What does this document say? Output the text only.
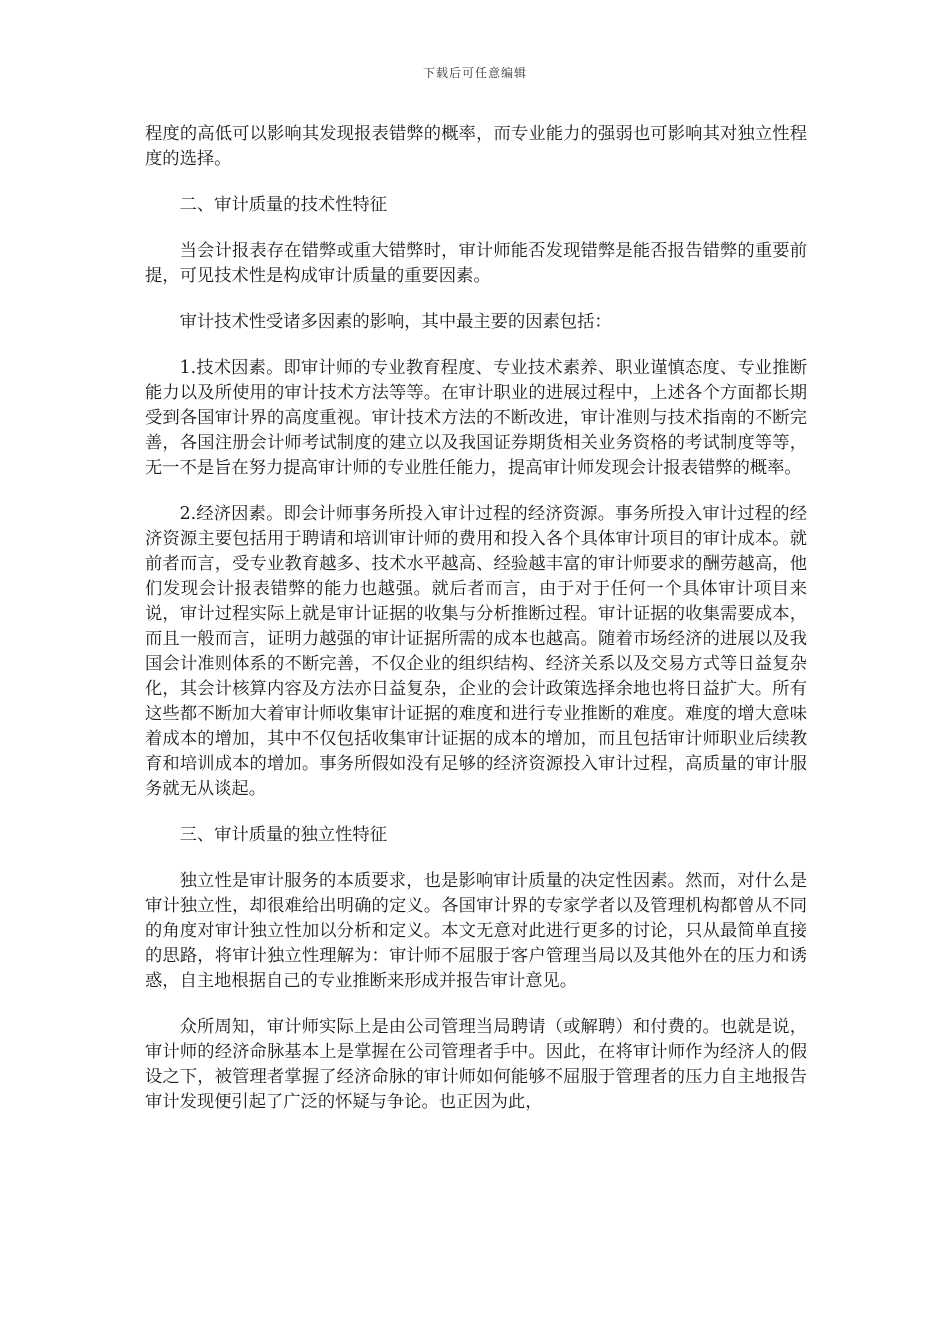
下载后可任意编辑

程度的高低可以影响其发现报表错弊的概率，而专业能力的强弱也可影响其对独立性程度的选择。

二、审计质量的技术性特征

当会计报表存在错弊或重大错弊时，审计师能否发现错弊是能否报告错弊的重要前提，可见技术性是构成审计质量的重要因素。

审计技术性受诸多因素的影响，其中最主要的因素包括：

1.技术因素。即审计师的专业教育程度、专业技术素养、职业谨慎态度、专业推断能力以及所使用的审计技术方法等等。在审计职业的进展过程中，上述各个方面都长期受到各国审计界的高度重视。审计技术方法的不断改进，审计准则与技术指南的不断完善，各国注册会计师考试制度的建立以及我国证券期货相关业务资格的考试制度等等，无一不是旨在努力提高审计师的专业胜任能力，提高审计师发现会计报表错弊的概率。

2.经济因素。即会计师事务所投入审计过程的经济资源。事务所投入审计过程的经济资源主要包括用于聘请和培训审计师的费用和投入各个具体审计项目的审计成本。就前者而言，受专业教育越多、技术水平越高、经验越丰富的审计师要求的酬劳越高，他们发现会计报表错弊的能力也越强。就后者而言，由于对于任何一个具体审计项目来说，审计过程实际上就是审计证据的收集与分析推断过程。审计证据的收集需要成本，而且一般而言，证明力越强的审计证据所需的成本也越高。随着市场经济的进展以及我国会计准则体系的不断完善，不仅企业的组织结构、经济关系以及交易方式等日益复杂化，其会计核算内容及方法亦日益复杂，企业的会计政策选择余地也将日益扩大。所有这些都不断加大着审计师收集审计证据的难度和进行专业推断的难度。难度的增大意味着成本的增加，其中不仅包括收集审计证据的成本的增加，而且包括审计师职业后续教育和培训成本的增加。事务所假如没有足够的经济资源投入审计过程，高质量的审计服务就无从谈起。

三、审计质量的独立性特征

独立性是审计服务的本质要求，也是影响审计质量的决定性因素。然而，对什么是审计独立性，却很难给出明确的定义。各国审计界的专家学者以及管理机构都曾从不同的角度对审计独立性加以分析和定义。本文无意对此进行更多的讨论，只从最简单直接的思路，将审计独立性理解为：审计师不屈服于客户管理当局以及其他外在的压力和诱惑，自主地根据自己的专业推断来形成并报告审计意见。

众所周知，审计师实际上是由公司管理当局聘请（或解聘）和付费的。也就是说，审计师的经济命脉基本上是掌握在公司管理者手中。因此，在将审计师作为经济人的假设之下，被管理者掌握了经济命脉的审计师如何能够不屈服于管理者的压力自主地报告审计发现便引起了广泛的怀疑与争论。也正因为此，
